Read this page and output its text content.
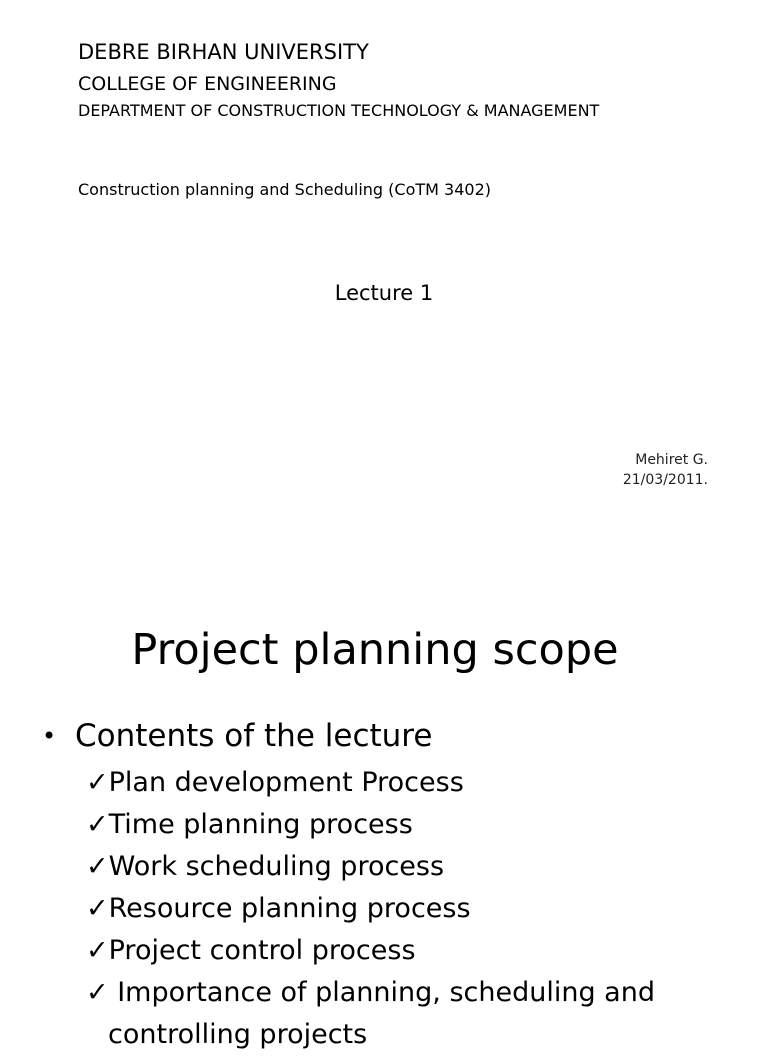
DEBRE BIRHAN UNIVERSITY
COLLEGE OF ENGINEERING
DEPARTMENT OF CONSTRUCTION TECHNOLOGY & MANAGEMENT
Construction planning and Scheduling (CoTM 3402)
Lecture 1
Mehiret G.
21/03/2011.
Project planning scope
• Contents of the lecture
✓Plan development Process
✓Time planning process
✓Work scheduling process
✓Resource planning process
✓Project control process
✓ Importance of planning, scheduling and
controlling projects
